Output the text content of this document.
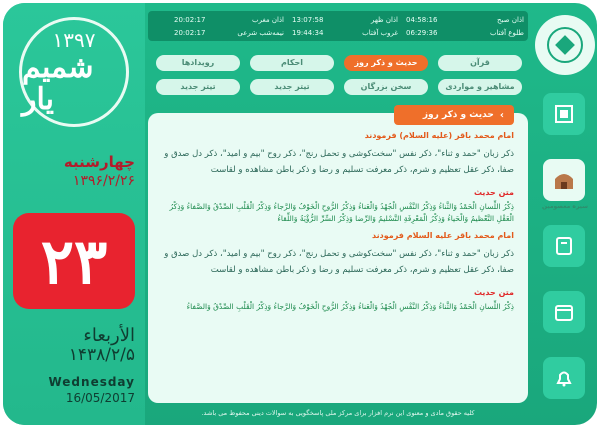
۱۳۹۷
شمیم یار
چهارشنبه
۱۳۹۶/۲/۲۶
۲۳
الأربعاء
۱۴۳۸/۲/۵
Wednesday
16/05/2017
اذان صبح
04:58:16
اذان ظهر
13:07:58
اذان مغرب
20:02:17
طلوع آفتاب
06:29:36
غروب آفتاب
19:44:34
نیمه‌شب شرعی
20:02:17
قرآن
حدیث و ذکر روز
احکام
رویدادها
مشاهیر و مواردی
سخن بزرگان
تیتر جدید
تیتر جدید
حدیث و ذکر روز ‹
امام محمد باقر (علیه السلام) فرمودند
ذکر زبان "حمد و ثناء"، ذکر نفس "سخت‌کوشی و تحمل رنج"، ذکر روح "بیم و امید"، ذکر دل صدق و صفا، ذکر عقل تعظیم و شرم، ذکر معرفت تسلیم و رضا و ذکر باطن مشاهده و لقاست
متن حدیث
ذِكْرُ اللِّسانِ الْحَمْدُ وَالثَّناءُ وَذِكْرُ النَّفْسِ الْجُهْدُ وَالْعَناءُ وَذِكْرُ الرُّوحِ الْخَوْفُ وَالرَّجاءُ وَذِكْرُ الْقَلْبِ الصِّدْقُ وَالصَّفاءُ وَذِكْرُ الْعَقْلِ التَّعْظيمُ وَالْحَياءُ وَذِكْرُ الْمَعْرِفَةِ التَّسْليمُ وَالرِّضا وَذِكْرُ السِّرِّ الرُّؤْيَةُ وَاللِّقاءُ
امام محمد باقر علیه السلام فرمودند
ذکر زبان "حمد و ثناء"، ذکر نفس "سخت‌کوشی و تحمل رنج"، ذکر روح "بیم و امید"، ذکر دل صدق و صفا، ذکر عقل تعظیم و شرم، ذکر معرفت تسلیم و رضا و ذکر باطن مشاهده و لقاست
متن حدیث
ذِكْرُ اللِّسانِ الْحَمْدُ وَالثَّناءُ وَذِكْرُ النَّفْسِ الْجُهْدُ وَالْعَناءُ وَذِكْرُ الرُّوحِ الْخَوْفُ وَالرَّجاءُ وَذِكْرُ الْقَلْبِ الصِّدْقُ وَالصَّفاءُ
کلیه حقوق مادی و معنوی این نرم افزار برای مرکز ملی پاسخگویی به سوالات دینی محفوظ می باشد.
سیره معصومین
